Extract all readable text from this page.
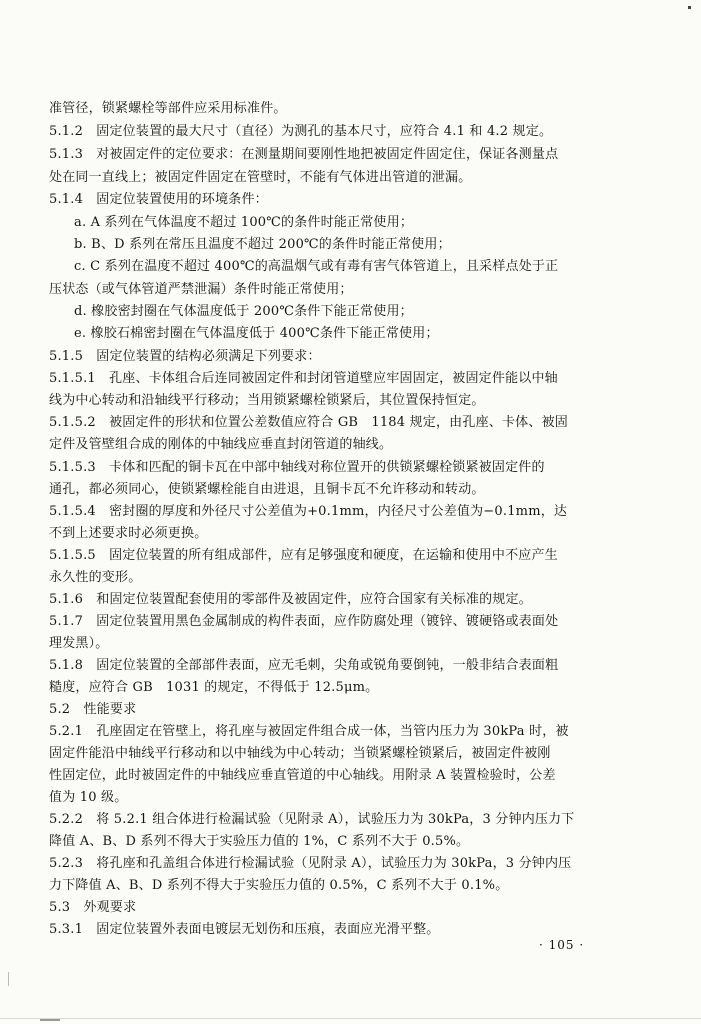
准管径，锁紧螺栓等部件应采用标准件。
5.1.2　固定位装置的最大尺寸（直径）为测孔的基本尺寸，应符合 4.1 和 4.2 规定。
5.1.3　对被固定件的定位要求：在测量期间要刚性地把被固定件固定住，保证各测量点
处在同一直线上；被固定件固定在管壁时，不能有气体进出管道的泄漏。
5.1.4　固定位装置使用的环境条件：
a. A 系列在气体温度不超过 100℃的条件时能正常使用；
b. B、D 系列在常压且温度不超过 200℃的条件时能正常使用；
c. C 系列在温度不超过 400℃的高温烟气或有毒有害气体管道上，且采样点处于正
压状态（或气体管道严禁泄漏）条件时能正常使用；
d. 橡胶密封圈在气体温度低于 200℃条件下能正常使用；
e. 橡胶石棉密封圈在气体温度低于 400℃条件下能正常使用；
5.1.5　固定位装置的结构必须满足下列要求：
5.1.5.1　孔座、卡体组合后连同被固定件和封闭管道壁应牢固固定，被固定件能以中轴
线为中心转动和沿轴线平行移动；当用锁紧螺栓锁紧后，其位置保持恒定。
5.1.5.2　被固定件的形状和位置公差数值应符合 GB　1184 规定，由孔座、卡体、被固
定件及管壁组合成的刚体的中轴线应垂直封闭管道的轴线。
5.1.5.3　卡体和匹配的铜卡瓦在中部中轴线对称位置开的供锁紧螺栓锁紧被固定件的
通孔，都必须同心，使锁紧螺栓能自由进退，且铜卡瓦不允许移动和转动。
5.1.5.4　密封圈的厚度和外径尺寸公差值为+0.1mm，内径尺寸公差值为−0.1mm，达
不到上述要求时必须更换。
5.1.5.5　固定位装置的所有组成部件，应有足够强度和硬度，在运输和使用中不应产生
永久性的变形。
5.1.6　和固定位装置配套使用的零部件及被固定件，应符合国家有关标准的规定。
5.1.7　固定位装置用黑色金属制成的构件表面，应作防腐处理（镀锌、镀硬铬或表面处
理发黑）。
5.1.8　固定位装置的全部部件表面，应无毛刺，尖角或锐角要倒钝，一般非结合表面粗
糙度，应符合 GB　1031 的规定，不得低于 12.5μm。
5.2　性能要求
5.2.1　孔座固定在管壁上，将孔座与被固定件组合成一体，当管内压力为 30kPa 时，被
固定件能沿中轴线平行移动和以中轴线为中心转动；当锁紧螺栓锁紧后，被固定件被刚
性固定位，此时被固定件的中轴线应垂直管道的中心轴线。用附录 A 装置检验时，公差
值为 10 级。
5.2.2　将 5.2.1 组合体进行检漏试验（见附录 A），试验压力为 30kPa，3 分钟内压力下
降值 A、B、D 系列不得大于实验压力值的 1%，C 系列不大于 0.5%。
5.2.3　将孔座和孔盖组合体进行检漏试验（见附录 A），试验压力为 30kPa，3 分钟内压
力下降值 A、B、D 系列不得大于实验压力值的 0.5%，C 系列不大于 0.1%。
5.3　外观要求
5.3.1　固定位装置外表面电镀层无划伤和压痕，表面应光滑平整。
· 105 ·
